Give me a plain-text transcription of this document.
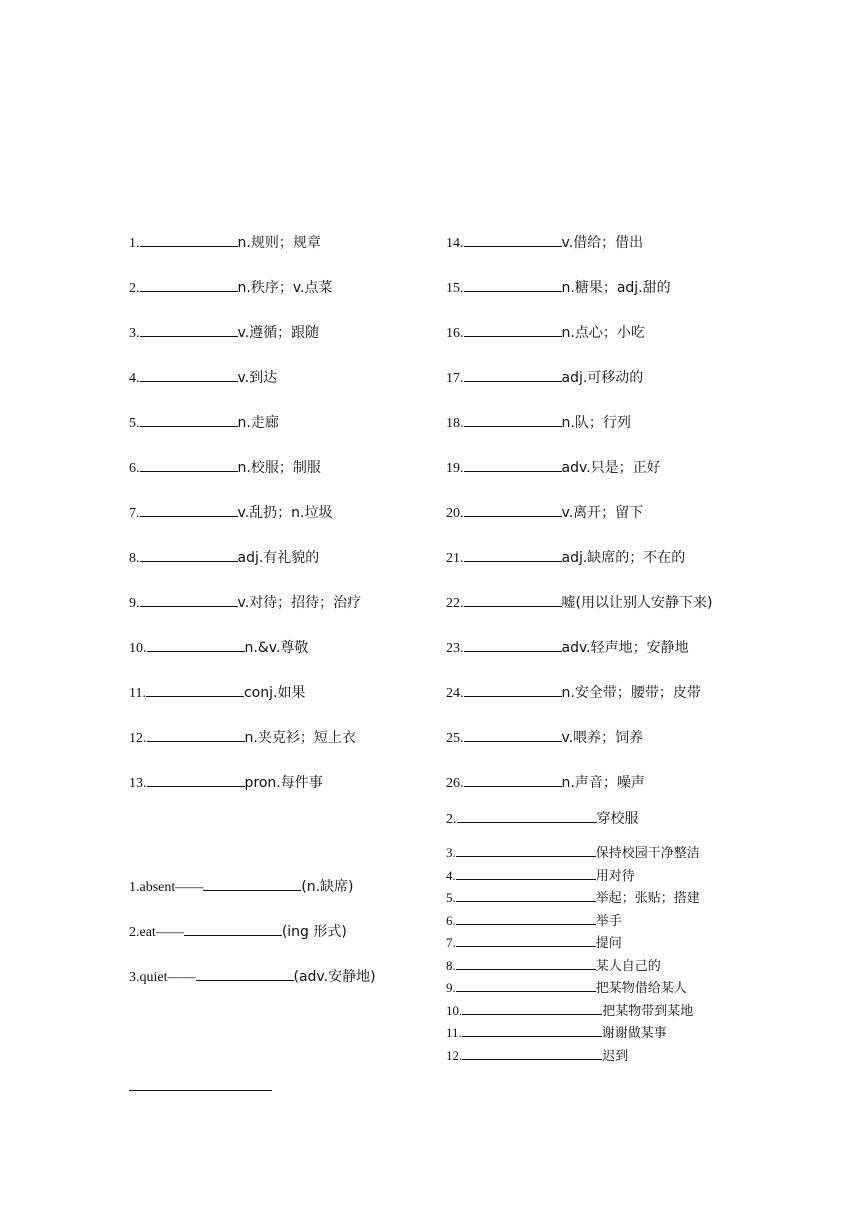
1.	n.规则；规章
2.	n.秩序；v.点菜
3.	v.遵循；跟随
4.	v.到达
5.	n.走廊
6.	n.校服；制服
7.	v.乱扔；n.垃圾
8.	adj.有礼貌的
9.	v.对待；招待；治疗
10.	n.&v.尊敬
11.	conj.如果
12.	n.夹克衫；短上衣
13.	pron.每件事
14.	v.借给；借出
15.	n.糖果；adj.甜的
16.	n.点心；小吃
17.	adj.可移动的
18.	n.队；行列
19.	adv.只是；正好
20.	v.离开；留下
21.	adj.缺席的；不在的
22.	嘘(用以让别人安静下来)
23.	adv.轻声地；安静地
24.	n.安全带；腰带；皮带
25.	v.喂养；饲养
26.	n.声音；噪声
1.absent——	(n.缺席)
2.eat——	(ing 形式)
3.quiet——	(adv.安静地)
2.	穿校服
3.	保持校园干净整洁
4.	用对待
5.	举起；张贴；搭建
6.	举手
7.	提问
8.	某人自己的
9.	把某物借给某人
10.	把某物带到某地
11.	谢谢做某事
12.	迟到
